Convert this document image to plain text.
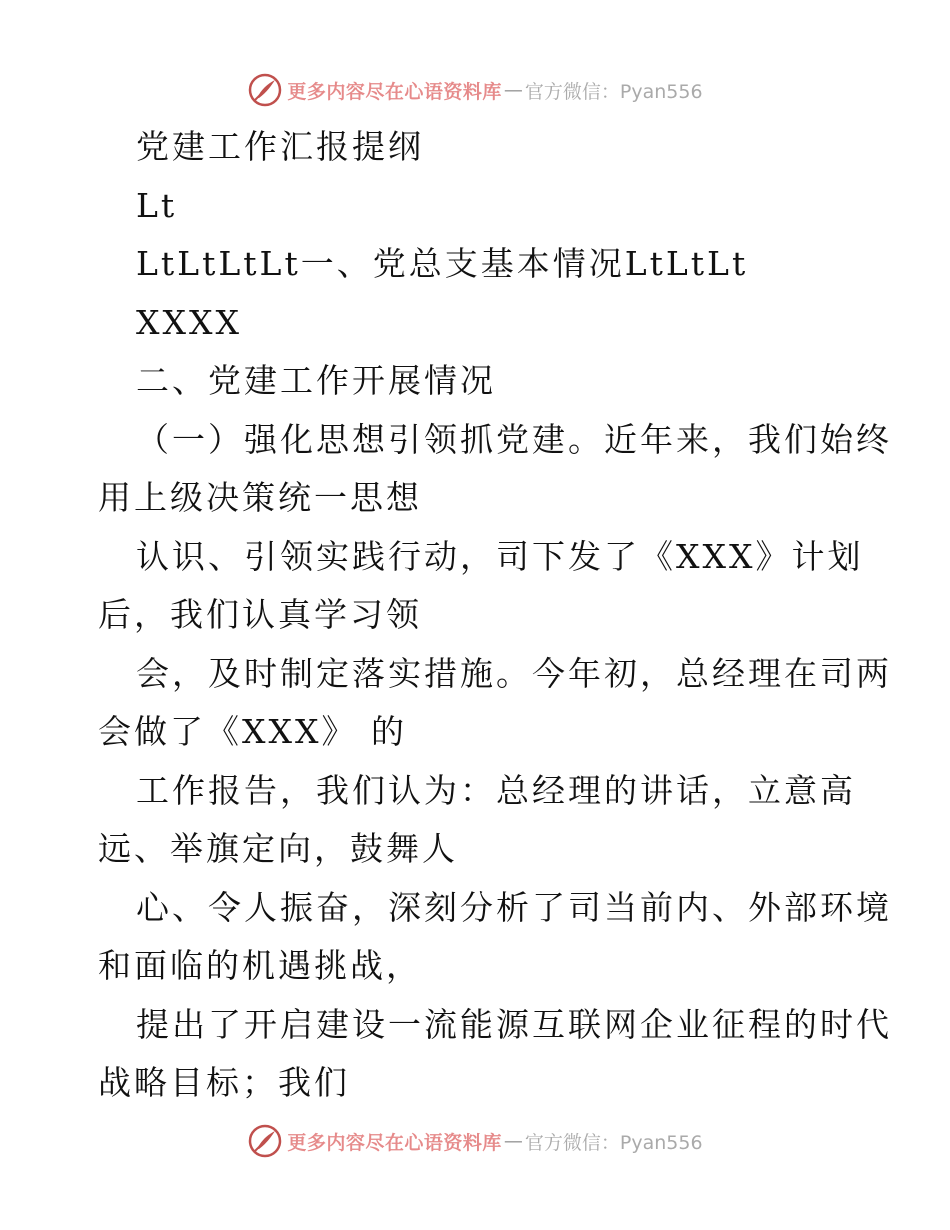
更多内容尽在心语资料库 — 官方微信：Pyan556
党建工作汇报提纲
Lt
LtLtLtLt一、党总支基本情况LtLtLt
XXXX
二、党建工作开展情况
（一）强化思想引领抓党建。近年来，我们始终
用上级决策统一思想
认识、引领实践行动，司下发了《XXX》计划
后，我们认真学习领
会，及时制定落实措施。今年初，总经理在司两
会做了《XXX》 的
工作报告，我们认为：总经理的讲话，立意高
远、举旗定向，鼓舞人
心、令人振奋，深刻分析了司当前内、外部环境
和面临的机遇挑战，
提出了开启建设一流能源互联网企业征程的时代
战略目标；我们
更多内容尽在心语资料库 — 官方微信：Pyan556
